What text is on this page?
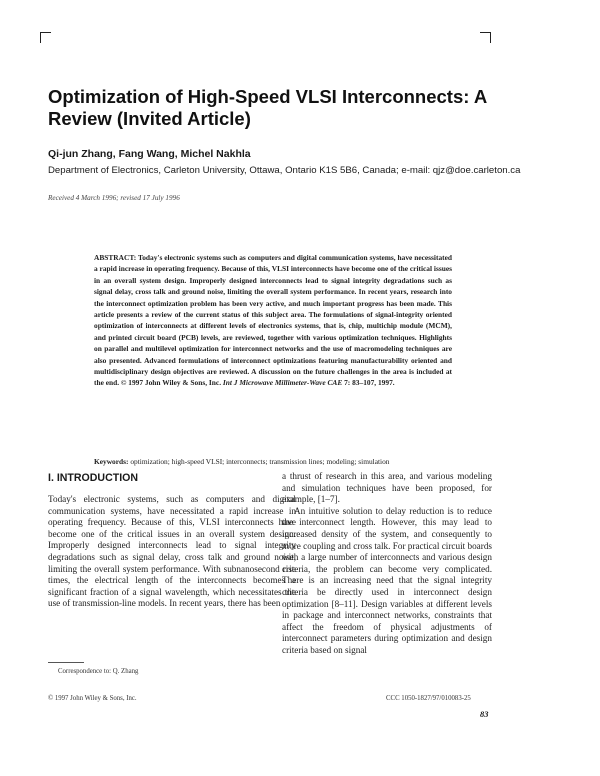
Optimization of High-Speed VLSI Interconnects: A Review (Invited Article)
Qi-jun Zhang, Fang Wang, Michel Nakhla
Department of Electronics, Carleton University, Ottawa, Ontario K1S 5B6, Canada; e-mail: qjz@doe.carleton.ca
Received 4 March 1996; revised 17 July 1996

ABSTRACT: Today's electronic systems such as computers and digital communication systems, have necessitated a rapid increase in operating frequency. Because of this, VLSI interconnects have become one of the critical issues in an overall system design. Improperly designed interconnects lead to signal integrity degradations such as signal delay, cross talk and ground noise, limiting the overall system performance. In recent years, research into the interconnect optimization problem has been very active, and much important progress has been made. This article presents a review of the current status of this subject area. The formulations of signal-integrity oriented optimization of interconnects at different levels of electronics systems, that is, chip, multichip module (MCM), and printed circuit board (PCB) levels, are reviewed, together with various optimization techniques. Highlights on parallel and multilevel optimization for interconnect networks and the use of macromodeling techniques are also presented. Advanced formulations of interconnect optimizations featuring manufacturability oriented and multidisciplinary design objectives are reviewed. A discussion on the future challenges in the area is included at the end. © 1997 John Wiley & Sons, Inc. Int J Microwave Millimeter-Wave CAE 7: 83–107, 1997.

Keywords: optimization; high-speed VLSI; interconnects; transmission lines; modeling; simulation

I. INTRODUCTION

Today's electronic systems, such as computers and digital communication systems, have necessitated a rapid increase in operating frequency. Because of this, VLSI interconnects have become one of the critical issues in an overall system design. Improperly designed interconnects lead to signal integrity degradations such as signal delay, cross talk and ground noise, limiting the overall system performance. With subnanosecond rise times, the electrical length of the interconnects becomes a significant fraction of a signal wavelength, which necessitates the use of transmission-line models. In recent years, there has been

a thrust of research in this area, and various modeling and simulation techniques have been proposed, for example, [1–7].

An intuitive solution to delay reduction is to reduce the interconnect length. However, this may lead to increased density of the system, and consequently to more coupling and cross talk. For practical circuit boards with a large number of interconnects and various design criteria, the problem can become very complicated. There is an increasing need that the signal integrity criteria be directly used in interconnect design optimization [8–11]. Design variables at different levels in package and interconnect networks, constraints that affect the freedom of physical adjustments of interconnect parameters during optimization and design criteria based on signal

Correspondence to: Q. Zhang
© 1997 John Wiley & Sons, Inc.	CCC 1050-1827/97/010083-25
83
